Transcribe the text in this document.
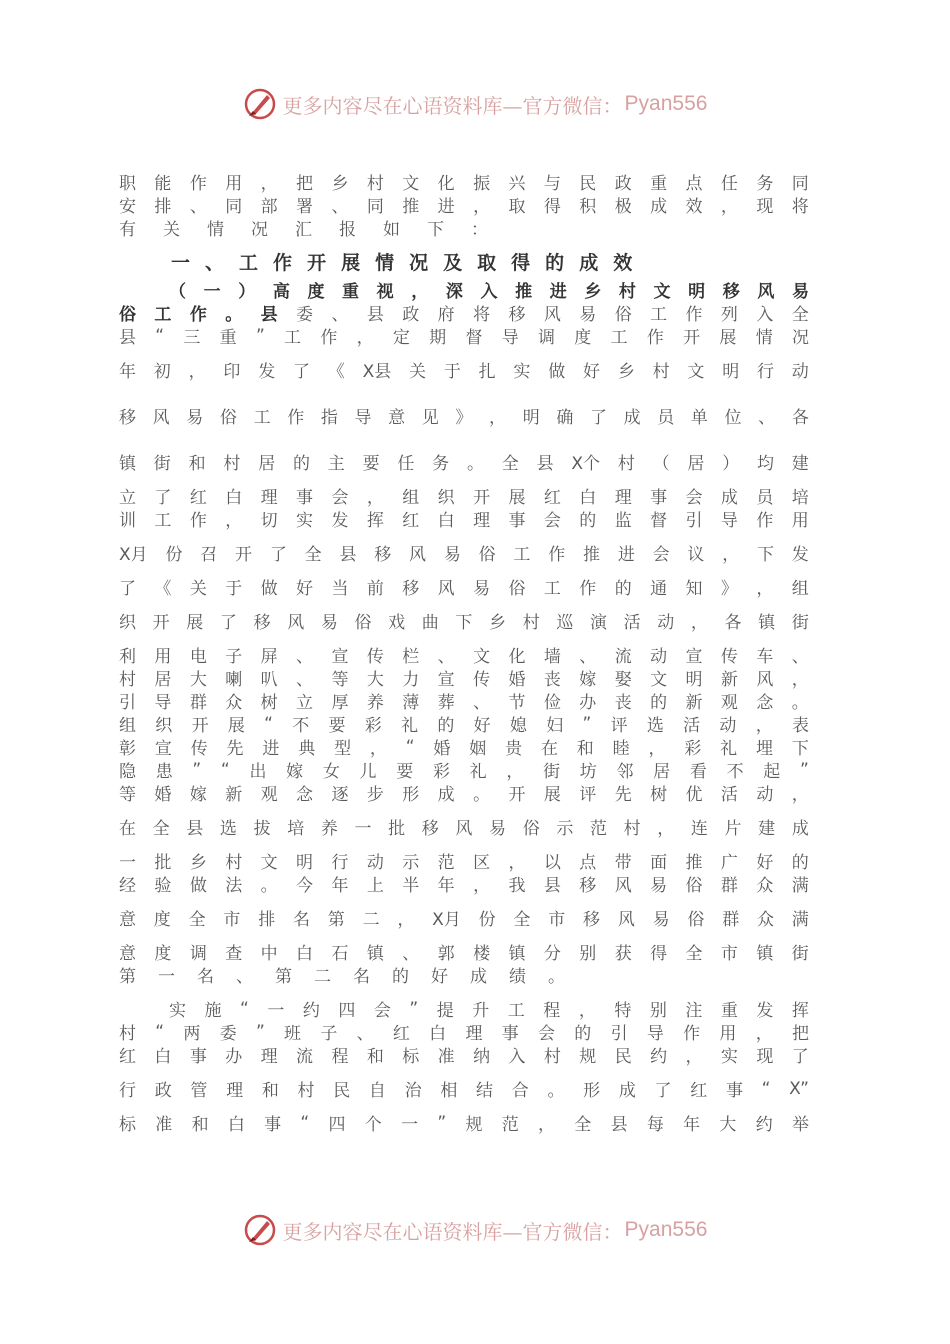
更多内容尽在心语资料库—官方微信： Pyan556
职 能 作 用 ， 把 乡 村 文 化 振 兴 与 民 政 重 点 任 务 同
安 排 、 同 部 署 、 同 推 进 ， 取 得 积 极 成 效 ， 现 将
有 关 情 况 汇 报 如 下 ：
一 、 工 作 开 展 情 况 及 取 得 的 成 效
（ 一 ） 高 度 重 视 ， 深 入 推 进 乡 村 文 明 移 风 易
俗 工 作 。 县 委 、 县 政 府 将 移 风 易 俗 工 作 列 入 全
县 “ 三 重 ” 工 作 ， 定 期 督 导 调 度 工 作 开 展 情 况
年 初 ， 印 发 了 《 X县 关 于 扎 实 做 好 乡 村 文 明 行 动
移 风 易 俗 工 作 指 导 意 见 》 ， 明 确 了 成 员 单 位 、 各
镇 街 和 村 居 的 主 要 任 务 。 全 县 X个 村 （ 居 ） 均 建
立 了 红 白 理 事 会 ， 组 织 开 展 红 白 理 事 会 成 员 培
训 工 作 ， 切 实 发 挥 红 白 理 事 会 的 监 督 引 导 作 用
X月 份 召 开 了 全 县 移 风 易 俗 工 作 推 进 会 议 ， 下 发
了 《 关 于 做 好 当 前 移 风 易 俗 工 作 的 通 知 》 ， 组
织 开 展 了 移 风 易 俗 戏 曲 下 乡 村 巡 演 活 动 ， 各 镇 街
利 用 电 子 屏 、 宣 传 栏 、 文 化 墙 、 流 动 宣 传 车 、
村 居 大 喇 叭 、 等 大 力 宣 传 婚 丧 嫁 娶 文 明 新 风 ，
引 导 群 众 树 立 厚 养 薄 葬 、 节 俭 办 丧 的 新 观 念 。
组 织 开 展 “ 不 要 彩 礼 的 好 媳 妇 ” 评 选 活 动 ， 表
彰 宣 传 先 进 典 型 ， “ 婚 姻 贵 在 和 睦 ， 彩 礼 埋 下
隐 患 ” “ 出 嫁 女 儿 要 彩 礼 ， 街 坊 邻 居 看 不 起 ”
等 婚 嫁 新 观 念 逐 步 形 成 。 开 展 评 先 树 优 活 动 ，
在 全 县 选 拔 培 养 一 批 移 风 易 俗 示 范 村 ， 连 片 建 成
一 批 乡 村 文 明 行 动 示 范 区 ， 以 点 带 面 推 广 好 的
经 验 做 法 。 今 年 上 半 年 ， 我 县 移 风 易 俗 群 众 满
意 度 全 市 排 名 第 二 ， X月 份 全 市 移 风 易 俗 群 众 满
意 度 调 查 中 白 石 镇 、 郭 楼 镇 分 别 获 得 全 市 镇 街
第 一 名 、 第 二 名 的 好 成 绩 。
实 施 “ 一 约 四 会 ” 提 升 工 程 ， 特 别 注 重 发 挥
村 “ 两 委 ” 班 子 、 红 白 理 事 会 的 引 导 作 用 ， 把
红 白 事 办 理 流 程 和 标 准 纳 入 村 规 民 约 ， 实 现 了
行 政 管 理 和 村 民 自 治 相 结 合 。 形 成 了 红 事 “ X”
标 准 和 白 事 “ 四 个 一 ” 规 范 ， 全 县 每 年 大 约 举
更多内容尽在心语资料库—官方微信： Pyan556
